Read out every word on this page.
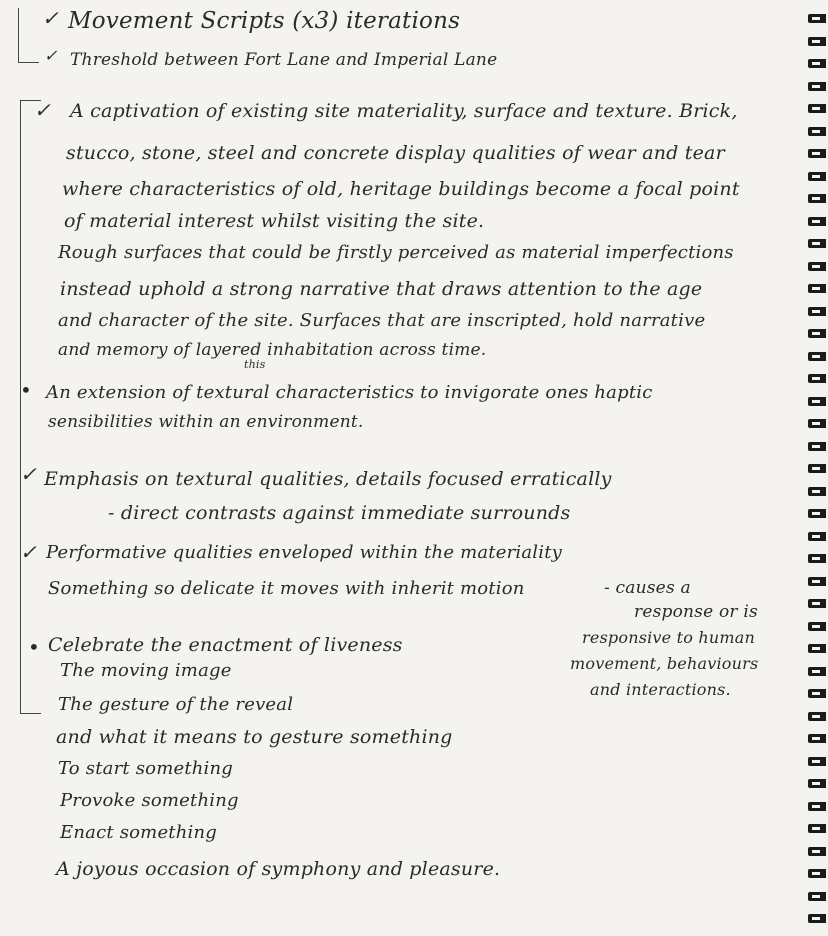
✓
✓
✓
•
✓
✓
•
Movement Scripts (x3) iterations
Threshold between Fort Lane and Imperial Lane
A captivation of existing site materiality, surface and texture. Brick,
stucco, stone, steel and concrete display qualities of wear and tear
where characteristics of old, heritage buildings become a focal point
of material interest whilst visiting the site.
Rough surfaces that could be firstly perceived as material imperfections
instead uphold a strong narrative that draws attention to the age
and character of the site. Surfaces that are inscripted, hold narrative
and memory of layered inhabitation across time.
this
An extension of textural characteristics to invigorate ones haptic
sensibilities within an environment.
Emphasis on textural qualities, details focused erratically
- direct contrasts against immediate surrounds
Performative qualities enveloped within the materiality
Something so delicate it moves with inherit motion	- causes a
response or is
responsive to human
movement, behaviours
and interactions.
Celebrate the enactment of liveness
The moving image
The gesture of the reveal
and what it means to gesture something
To start something
Provoke something
Enact something
A joyous occasion of symphony and pleasure.
